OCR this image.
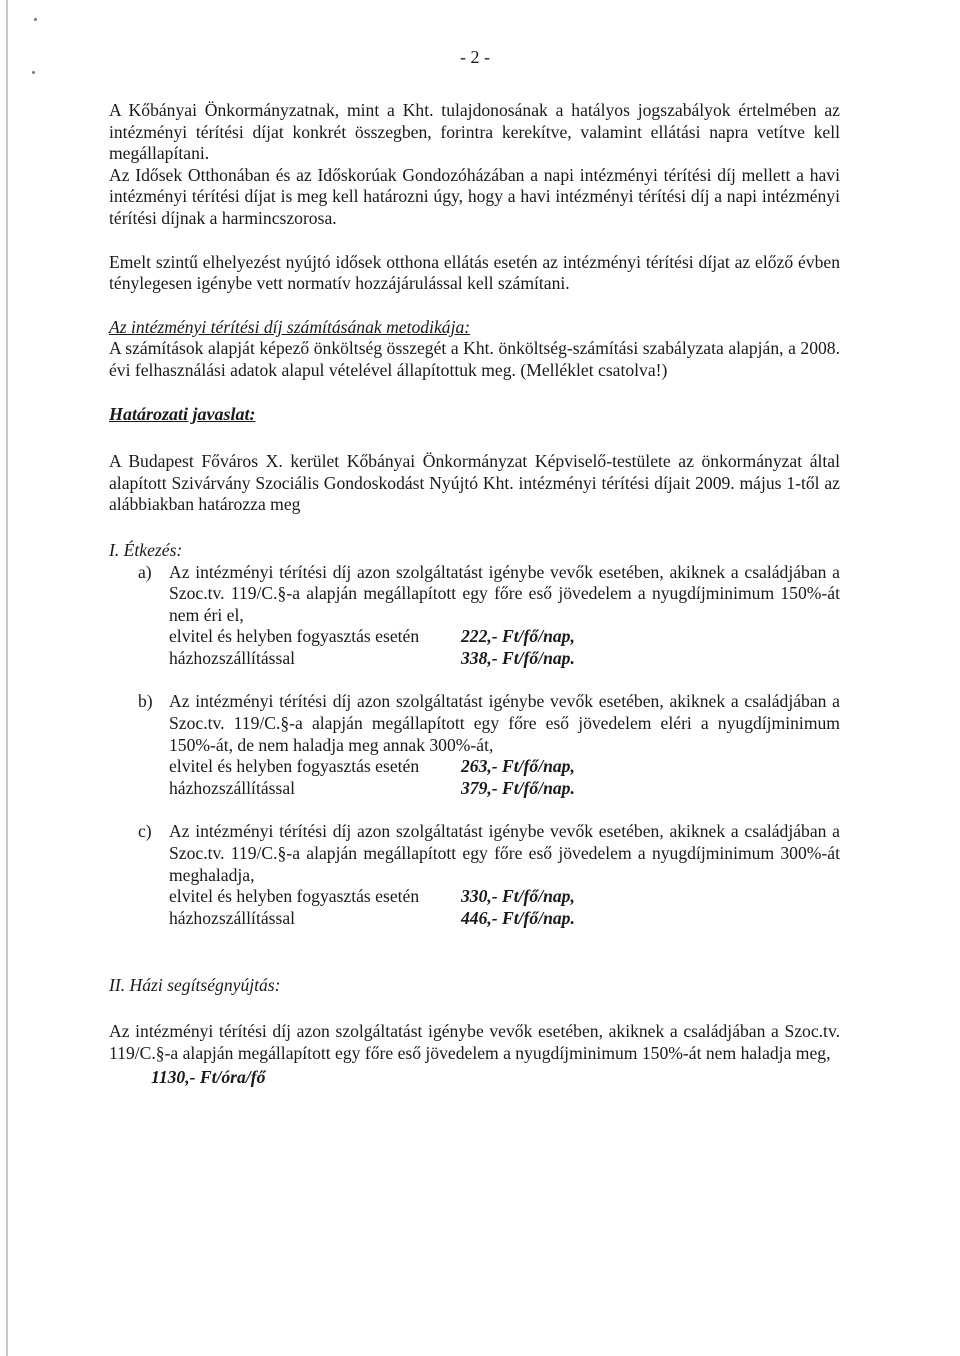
- 2 -

A Kőbányai Önkormányzatnak, mint a Kht. tulajdonosának a hatályos jogszabályok értelmében az intézményi térítési díjat konkrét összegben, forintra kerekítve, valamint ellátási napra vetítve kell megállapítani.

Az Idősek Otthonában és az Időskorúak Gondozóházában a napi intézményi térítési díj mellett a havi intézményi térítési díjat is meg kell határozni úgy, hogy a havi intézményi térítési díj a napi intézményi térítési díjnak a harmincszorosa.

Emelt szintű elhelyezést nyújtó idősek otthona ellátás esetén az intézményi térítési díjat az előző évben ténylegesen igénybe vett normatív hozzájárulással kell számítani.

Az intézményi térítési díj számításának metodikája:

A számítások alapját képező önköltség összegét a Kht. önköltség-számítási szabályzata alapján, a 2008. évi felhasználási adatok alapul vételével állapítottuk meg. (Melléklet csatolva!)

Határozati javaslat:

A Budapest Főváros X. kerület Kőbányai Önkormányzat Képviselő-testülete az önkormányzat által alapított Szivárvány Szociális Gondoskodást Nyújtó Kht. intézményi térítési díjait 2009. május 1-től az alábbiakban határozza meg

I. Étkezés:

a) Az intézményi térítési díj azon szolgáltatást igénybe vevők esetében, akiknek a családjában a Szoc.tv. 119/C.§-a alapján megállapított egy főre eső jövedelem a nyugdíjminimum 150%-át nem éri el,

elvitel és helyben fogyasztás esetén	222,- Ft/fő/nap,
házhozszállítással	338,- Ft/fő/nap.
b) Az intézményi térítési díj azon szolgáltatást igénybe vevők esetében, akiknek a családjában a Szoc.tv. 119/C.§-a alapján megállapított egy főre eső jövedelem eléri a nyugdíjminimum 150%-át, de nem haladja meg annak 300%-át,

elvitel és helyben fogyasztás esetén	263,- Ft/fő/nap,
házhozszállítással	379,- Ft/fő/nap.
c) Az intézményi térítési díj azon szolgáltatást igénybe vevők esetében, akiknek a családjában a Szoc.tv. 119/C.§-a alapján megállapított egy főre eső jövedelem a nyugdíjminimum 300%-át meghaladja,

elvitel és helyben fogyasztás esetén	330,- Ft/fő/nap,
házhozszállítással	446,- Ft/fő/nap.

II. Házi segítségnyújtás:

Az intézményi térítési díj azon szolgáltatást igénybe vevők esetében, akiknek a családjában a Szoc.tv. 119/C.§-a alapján megállapított egy főre eső jövedelem a nyugdíjminimum 150%-át nem haladja meg,

1130,- Ft/óra/fő
